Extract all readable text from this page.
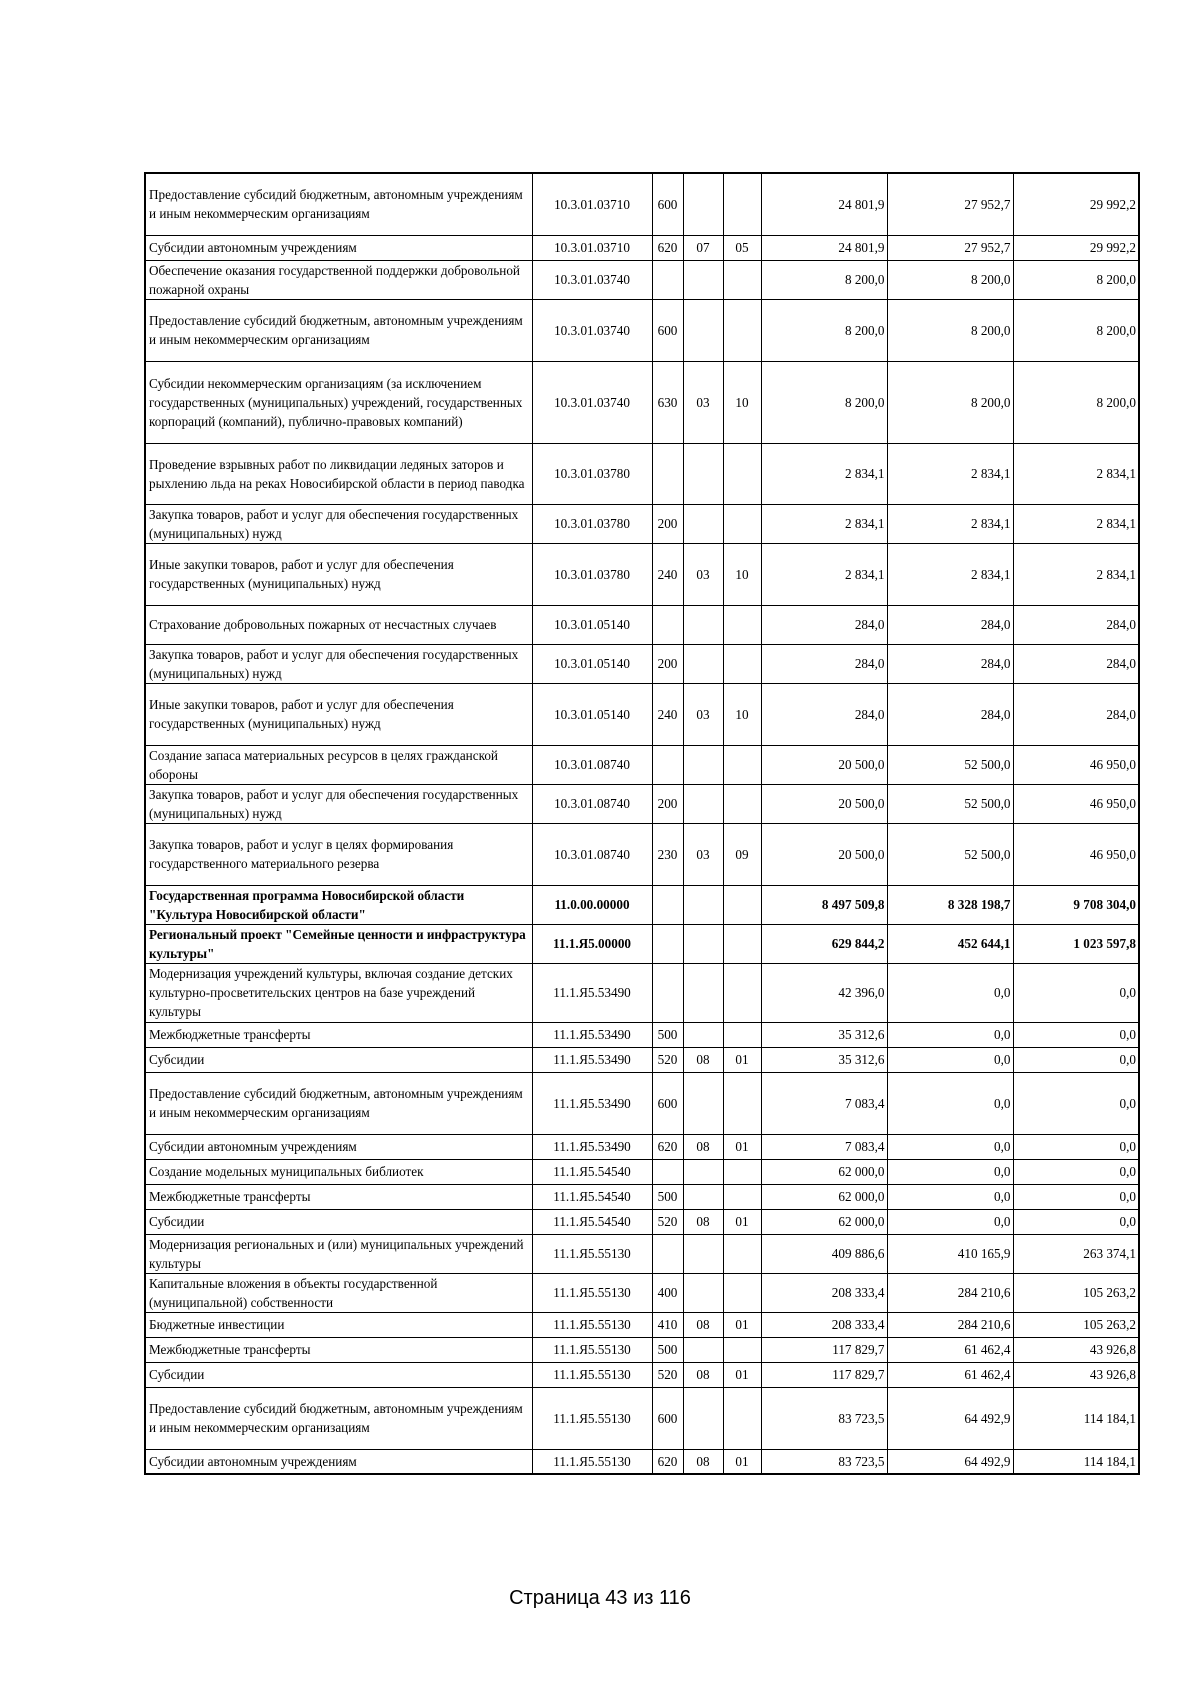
Предоставление субсидий бюджетным, автономным учреждениям и иным некоммерческим организациям	10.3.01.03710	600			24 801,9	27 952,7	29 992,2
Субсидии автономным учреждениям	10.3.01.03710	620	07	05	24 801,9	27 952,7	29 992,2
Обеспечение оказания государственной поддержки добровольной пожарной охраны	10.3.01.03740				8 200,0	8 200,0	8 200,0
Предоставление субсидий бюджетным, автономным учреждениям и иным некоммерческим организациям	10.3.01.03740	600			8 200,0	8 200,0	8 200,0
Субсидии некоммерческим организациям (за исключением государственных (муниципальных) учреждений, государственных корпораций (компаний), публично-правовых компаний)	10.3.01.03740	630	03	10	8 200,0	8 200,0	8 200,0
Проведение взрывных работ по ликвидации ледяных заторов и рыхлению льда на реках Новосибирской области в период паводка	10.3.01.03780				2 834,1	2 834,1	2 834,1
Закупка товаров, работ и услуг для обеспечения государственных (муниципальных) нужд	10.3.01.03780	200			2 834,1	2 834,1	2 834,1
Иные закупки товаров, работ и услуг для обеспечения государственных (муниципальных) нужд	10.3.01.03780	240	03	10	2 834,1	2 834,1	2 834,1
Страхование добровольных пожарных от несчастных случаев	10.3.01.05140				284,0	284,0	284,0
Закупка товаров, работ и услуг для обеспечения государственных (муниципальных) нужд	10.3.01.05140	200			284,0	284,0	284,0
Иные закупки товаров, работ и услуг для обеспечения государственных (муниципальных) нужд	10.3.01.05140	240	03	10	284,0	284,0	284,0
Создание запаса материальных ресурсов в целях гражданской обороны	10.3.01.08740				20 500,0	52 500,0	46 950,0
Закупка товаров, работ и услуг для обеспечения государственных (муниципальных) нужд	10.3.01.08740	200			20 500,0	52 500,0	46 950,0
Закупка товаров, работ и услуг в целях формирования государственного материального резерва	10.3.01.08740	230	03	09	20 500,0	52 500,0	46 950,0
Государственная программа Новосибирской области "Культура Новосибирской области"	11.0.00.00000				8 497 509,8	8 328 198,7	9 708 304,0
Региональный проект "Семейные ценности и инфраструктура культуры"	11.1.Я5.00000				629 844,2	452 644,1	1 023 597,8
Модернизация учреждений культуры, включая создание детских культурно-просветительских центров на базе учреждений культуры	11.1.Я5.53490				42 396,0	0,0	0,0
Межбюджетные трансферты	11.1.Я5.53490	500			35 312,6	0,0	0,0
Субсидии	11.1.Я5.53490	520	08	01	35 312,6	0,0	0,0
Предоставление субсидий бюджетным, автономным учреждениям и иным некоммерческим организациям	11.1.Я5.53490	600			7 083,4	0,0	0,0
Субсидии автономным учреждениям	11.1.Я5.53490	620	08	01	7 083,4	0,0	0,0
Создание модельных муниципальных библиотек	11.1.Я5.54540				62 000,0	0,0	0,0
Межбюджетные трансферты	11.1.Я5.54540	500			62 000,0	0,0	0,0
Субсидии	11.1.Я5.54540	520	08	01	62 000,0	0,0	0,0
Модернизация региональных и (или) муниципальных учреждений культуры	11.1.Я5.55130				409 886,6	410 165,9	263 374,1
Капитальные вложения в объекты государственной (муниципальной) собственности	11.1.Я5.55130	400			208 333,4	284 210,6	105 263,2
Бюджетные инвестиции	11.1.Я5.55130	410	08	01	208 333,4	284 210,6	105 263,2
Межбюджетные трансферты	11.1.Я5.55130	500			117 829,7	61 462,4	43 926,8
Субсидии	11.1.Я5.55130	520	08	01	117 829,7	61 462,4	43 926,8
Предоставление субсидий бюджетным, автономным учреждениям и иным некоммерческим организациям	11.1.Я5.55130	600			83 723,5	64 492,9	114 184,1
Субсидии автономным учреждениям	11.1.Я5.55130	620	08	01	83 723,5	64 492,9	114 184,1
Страница 43 из 116
